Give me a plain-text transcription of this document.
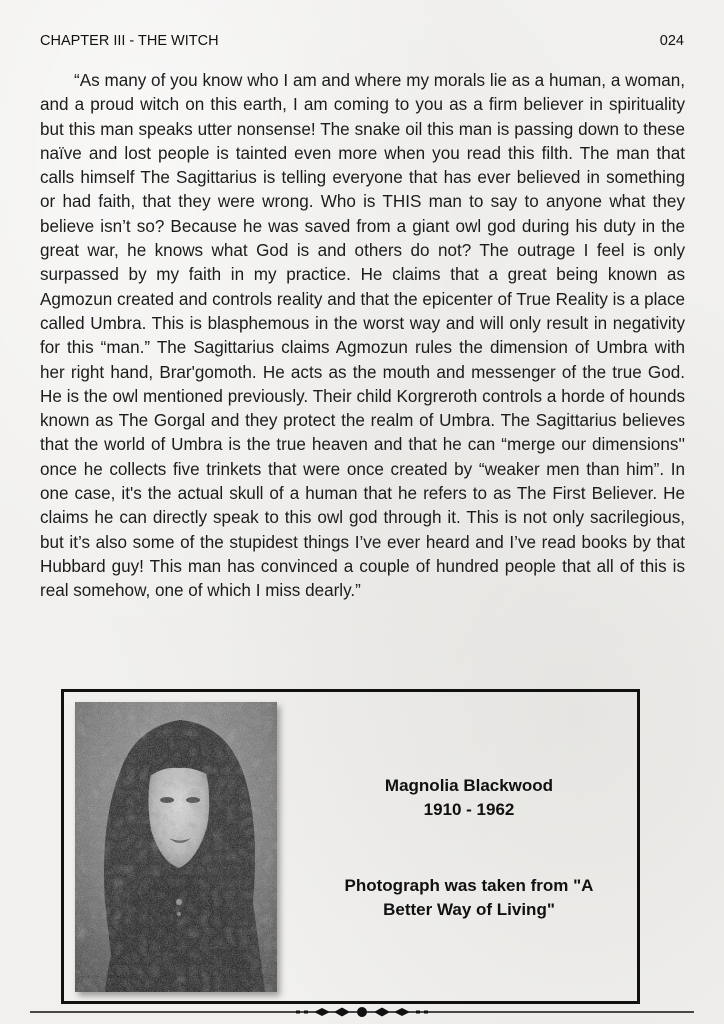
CHAPTER III - THE WITCH	024

“As many of you know who I am and where my morals lie as a human, a woman, and a proud witch on this earth, I am coming to you as a firm believer in spirituality but this man speaks utter nonsense! The snake oil this man is passing down to these naïve and lost people is tainted even more when you read this filth. The man that calls himself The Sagittarius is telling everyone that has ever believed in something or had faith, that they were wrong. Who is THIS man to say to anyone what they believe isn’t so? Because he was saved from a giant owl god during his duty in the great war, he knows what God is and others do not? The outrage I feel is only surpassed by my faith in my practice. He claims that a great being known as Agmozun created and controls reality and that the epicenter of True Reality is a place called Umbra. This is blasphemous in the worst way and will only result in negativity for this “man.” The Sagittarius claims Agmozun rules the dimension of Umbra with her right hand, Brar'gomoth. He acts as the mouth and messenger of the true God. He is the owl mentioned previously. Their child Korgreroth controls a horde of hounds known as The Gorgal and they protect the realm of Umbra. The Sagittarius believes that the world of Umbra is the true heaven and that he can “merge our dimensions'' once he collects five trinkets that were once created by “weaker men than him”. In one case, it's the actual skull of a human that he refers to as The First Believer. He claims he can directly speak to this owl god through it. This is not only sacrilegious, but it’s also some of the stupidest things I’ve ever heard and I’ve read books by that Hubbard guy! This man has convinced a couple of hundred people that all of this is real somehow, one of which I miss dearly.”

Magnolia Blackwood
1910 - 1962
Photograph was taken from "A
Better Way of Living"
